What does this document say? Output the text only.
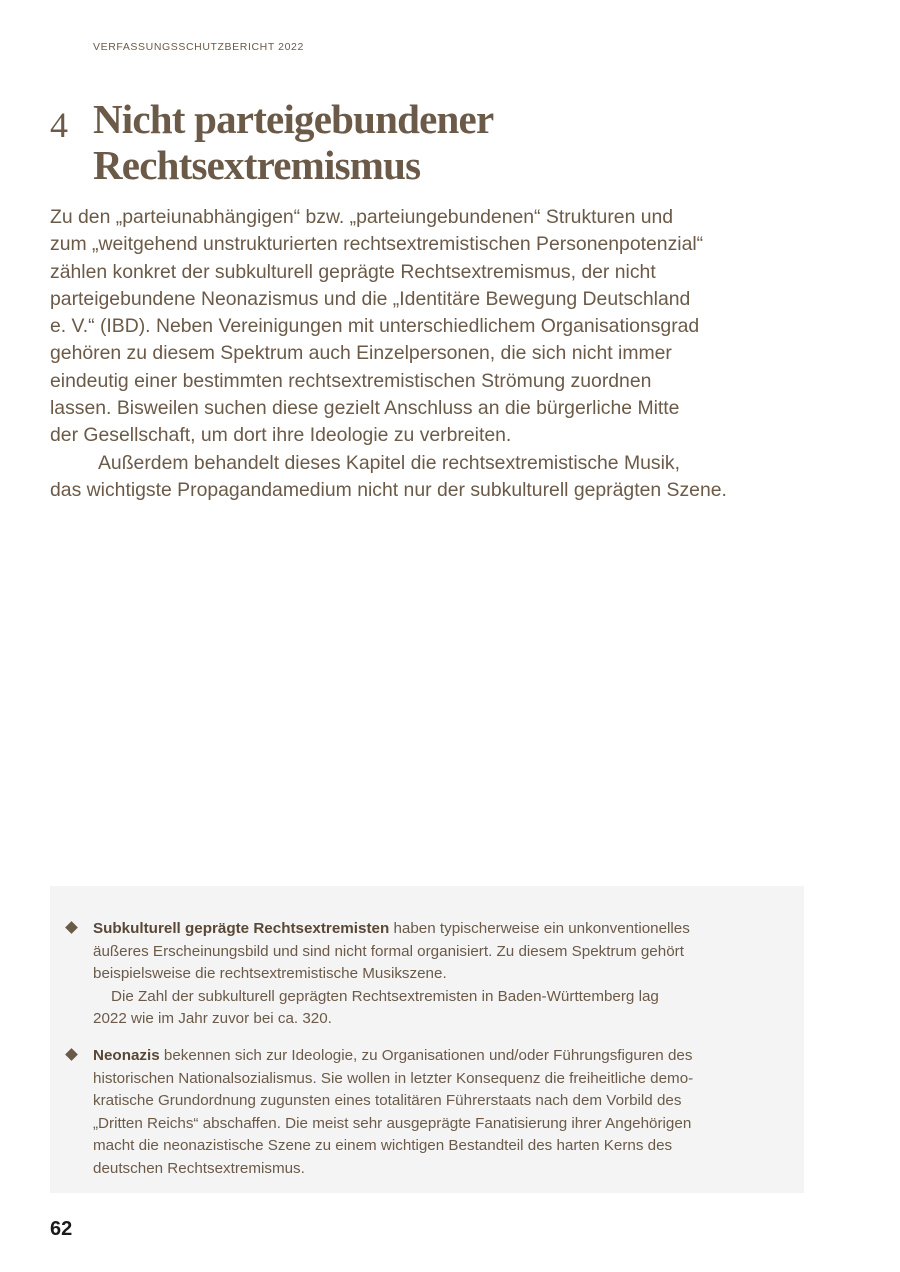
VERFASSUNGSSCHUTZBERICHT 2022
4 Nicht parteigebundener
Rechtsextremismus

Zu den „parteiunabhängigen“ bzw. „parteiungebundenen“ Strukturen und

zum „weitgehend unstrukturierten rechtsextremistischen Personenpotenzial“

zählen konkret der subkulturell geprägte Rechtsextremismus, der nicht

parteigebundene Neonazismus und die „Identitäre Bewegung Deutschland

e. V.“ (IBD). Neben Vereinigungen mit unterschiedlichem Organisationsgrad

gehören zu diesem Spektrum auch Einzelpersonen, die sich nicht immer

eindeutig einer bestimmten rechtsextremistischen Strömung zuordnen

lassen. Bisweilen suchen diese gezielt Anschluss an die bürgerliche Mitte

der Gesellschaft, um dort ihre Ideologie zu verbreiten.

Außerdem behandelt dieses Kapitel die rechtsextremistische Musik,

das wichtigste Propagandamedium nicht nur der subkulturell geprägten Szene.

Subkulturell geprägte Rechtsextremisten haben typischerweise ein unkonventionelles

äußeres Erscheinungsbild und sind nicht formal organisiert. Zu diesem Spektrum gehört

beispielsweise die rechtsextremistische Musikszene.

Die Zahl der subkulturell geprägten Rechtsextremisten in Baden-Württemberg lag

2022 wie im Jahr zuvor bei ca. 320.

Neonazis bekennen sich zur Ideologie, zu Organisationen und/oder Führungsfiguren des

historischen Nationalsozialismus. Sie wollen in letzter Konsequenz die freiheitliche demo-

kratische Grundordnung zugunsten eines totalitären Führerstaats nach dem Vorbild des

„Dritten Reichs“ abschaffen. Die meist sehr ausgeprägte Fanatisierung ihrer Angehörigen

macht die neonazistische Szene zu einem wichtigen Bestandteil des harten Kerns des

deutschen Rechtsextremismus.

62
